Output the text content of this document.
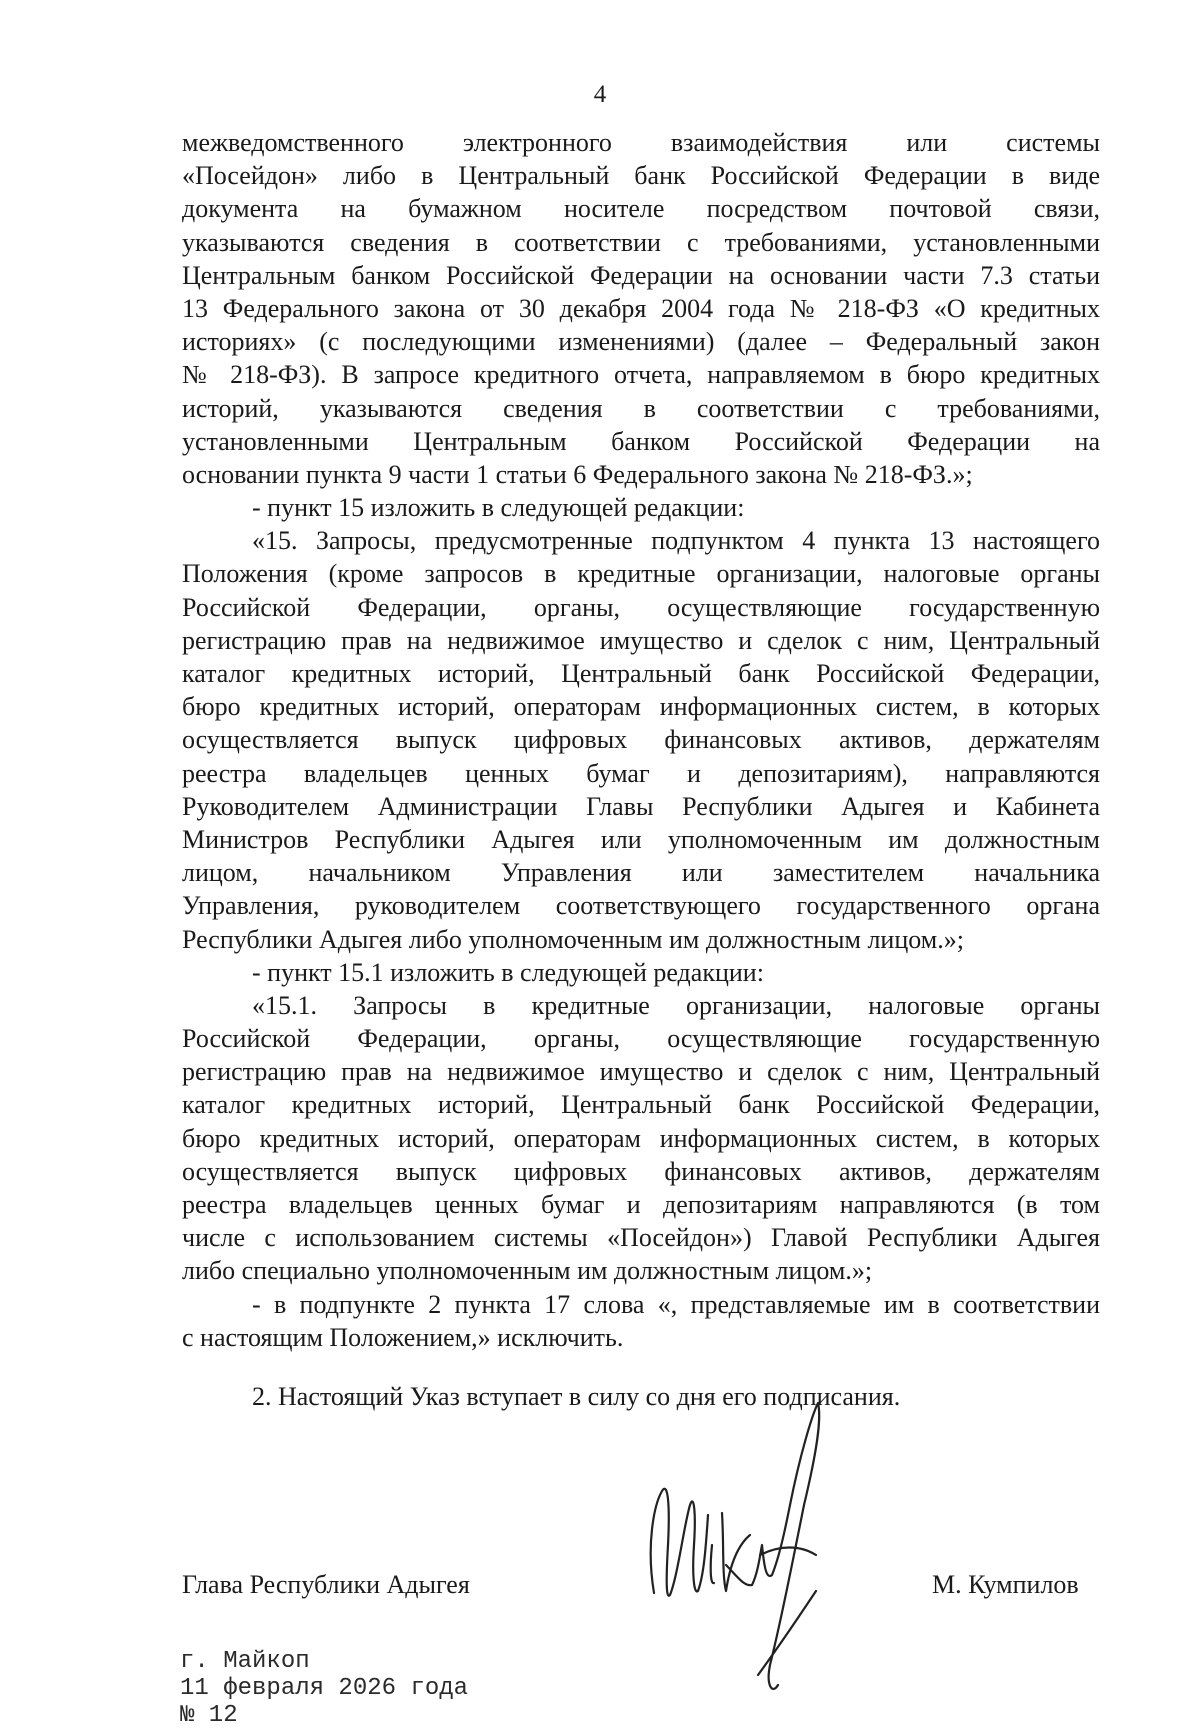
4
межведомственного электронного взаимодействия или системы
«Посейдон» либо в Центральный банк Российской Федерации в виде
документа на бумажном носителе посредством почтовой связи,
указываются сведения в соответствии с требованиями, установленными
Центральным банком Российской Федерации на основании части 7.3 статьи
13 Федерального закона от 30 декабря 2004 года № 218-ФЗ «О кредитных
историях» (с последующими изменениями) (далее – Федеральный закон
№ 218-ФЗ). В запросе кредитного отчета, направляемом в бюро кредитных
историй, указываются сведения в соответствии с требованиями,
установленными Центральным банком Российской Федерации на
основании пункта 9 части 1 статьи 6 Федерального закона № 218-ФЗ.»;
- пункт 15 изложить в следующей редакции:
«15. Запросы, предусмотренные подпунктом 4 пункта 13 настоящего
Положения (кроме запросов в кредитные организации, налоговые органы
Российской Федерации, органы, осуществляющие государственную
регистрацию прав на недвижимое имущество и сделок с ним, Центральный
каталог кредитных историй, Центральный банк Российской Федерации,
бюро кредитных историй, операторам информационных систем, в которых
осуществляется выпуск цифровых финансовых активов, держателям
реестра владельцев ценных бумаг и депозитариям), направляются
Руководителем Администрации Главы Республики Адыгея и Кабинета
Министров Республики Адыгея или уполномоченным им должностным
лицом, начальником Управления или заместителем начальника
Управления, руководителем соответствующего государственного органа
Республики Адыгея либо уполномоченным им должностным лицом.»;
- пункт 15.1 изложить в следующей редакции:
«15.1. Запросы в кредитные организации, налоговые органы
Российской Федерации, органы, осуществляющие государственную
регистрацию прав на недвижимое имущество и сделок с ним, Центральный
каталог кредитных историй, Центральный банк Российской Федерации,
бюро кредитных историй, операторам информационных систем, в которых
осуществляется выпуск цифровых финансовых активов, держателям
реестра владельцев ценных бумаг и депозитариям направляются (в том
числе с использованием системы «Посейдон») Главой Республики Адыгея
либо специально уполномоченным им должностным лицом.»;
- в подпункте 2 пункта 17 слова «, представляемые им в соответствии
с настоящим Положением,» исключить.
2. Настоящий Указ вступает в силу со дня его подписания.
Глава Республики Адыгея	М. Кумпилов
г. Майкоп
11 февраля 2026 года
№ 12
